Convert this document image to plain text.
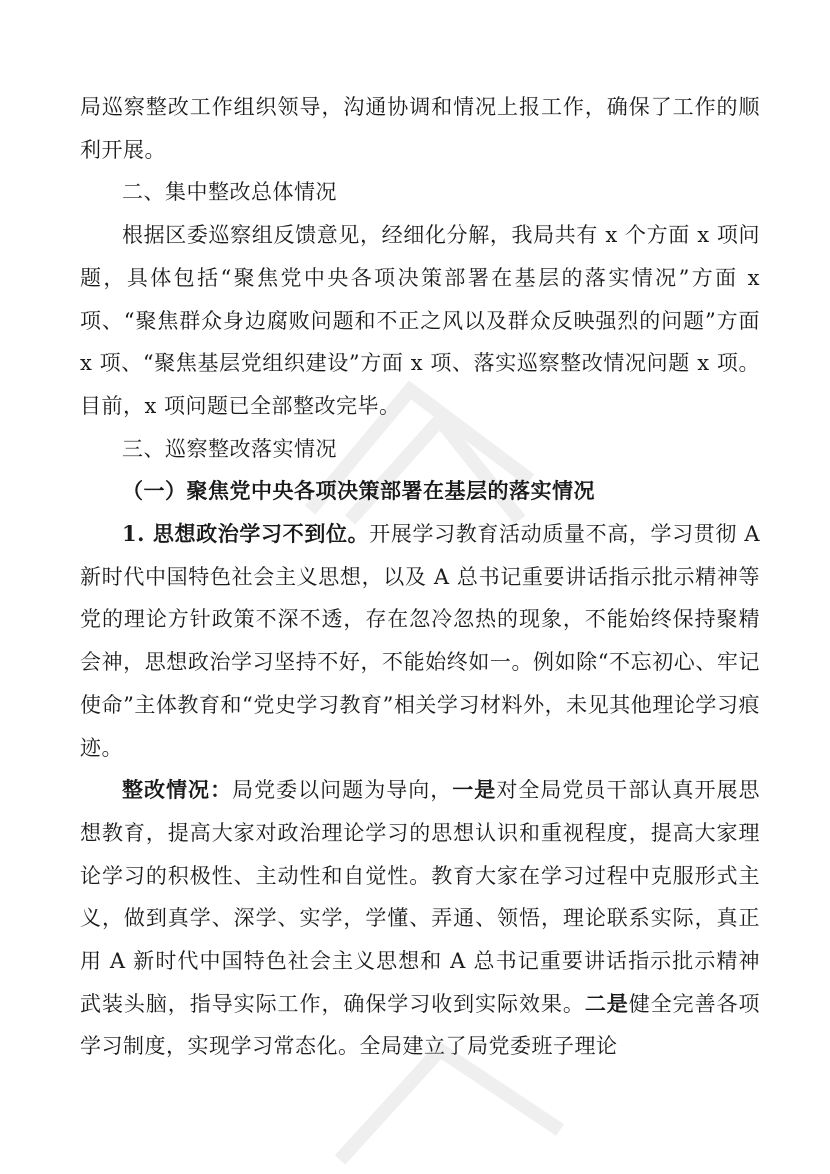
局巡察整改工作组织领导，沟通协调和情况上报工作，确保了工作的顺利开展。

二、集中整改总体情况

根据区委巡察组反馈意见，经细化分解，我局共有 x 个方面 x 项问题，具体包括“聚焦党中央各项决策部署在基层的落实情况”方面 x 项、“聚焦群众身边腐败问题和不正之风以及群众反映强烈的问题”方面 x 项、“聚焦基层党组织建设”方面 x 项、落实巡察整改情况问题 x 项。目前，x 项问题已全部整改完毕。

三、巡察整改落实情况

（一）聚焦党中央各项决策部署在基层的落实情况

1. 思想政治学习不到位。开展学习教育活动质量不高，学习贯彻 A 新时代中国特色社会主义思想，以及 A 总书记重要讲话指示批示精神等党的理论方针政策不深不透，存在忽冷忽热的现象，不能始终保持聚精会神，思想政治学习坚持不好，不能始终如一。例如除“不忘初心、牢记使命”主体教育和“党史学习教育”相关学习材料外，未见其他理论学习痕迹。

整改情况：局党委以问题为导向，一是对全局党员干部认真开展思想教育，提高大家对政治理论学习的思想认识和重视程度，提高大家理论学习的积极性、主动性和自觉性。教育大家在学习过程中克服形式主义，做到真学、深学、实学，学懂、弄通、领悟，理论联系实际，真正用 A 新时代中国特色社会主义思想和 A 总书记重要讲话指示批示精神武装头脑，指导实际工作，确保学习收到实际效果。二是健全完善各项学习制度，实现学习常态化。全局建立了局党委班子理论
